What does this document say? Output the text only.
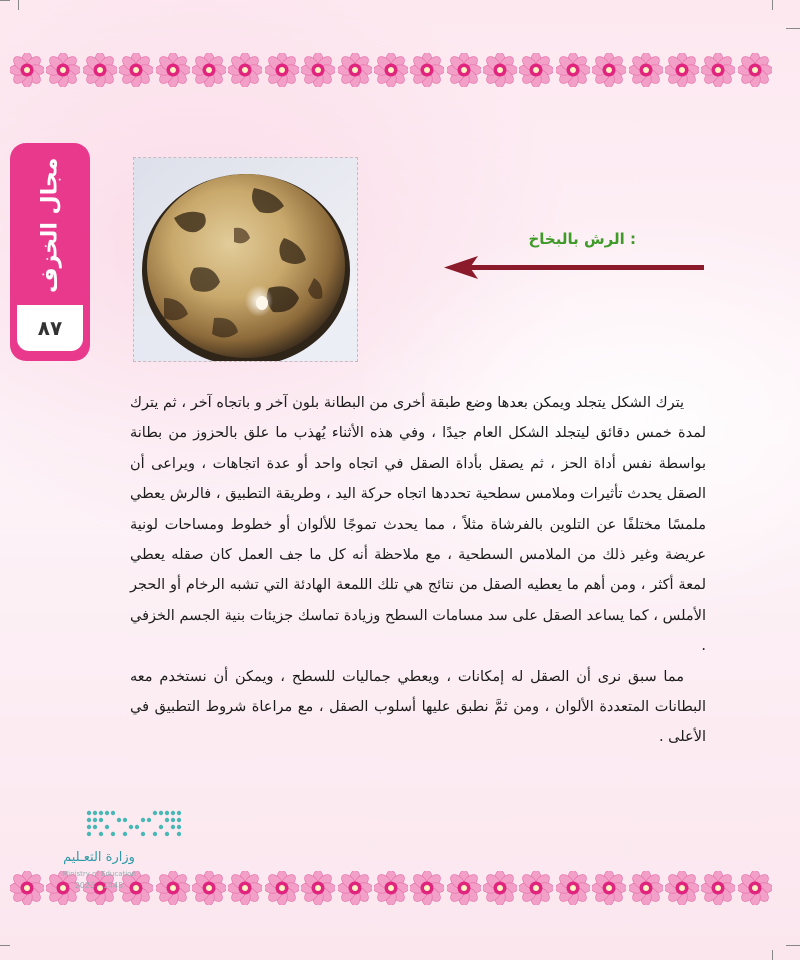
مجال الخزف
٨٧
الرش بالبخاخ :

يترك الشكل يتجلد ويمكن بعدها وضع طبقة أخرى من البطانة بلون آخر و باتجاه آخر ، ثم يترك لمدة خمس دقائق ليتجلد الشكل العام جيدًا ، وفي هذه الأثناء يُهذب ما علق بالحزوز من بطانة بواسطة نفس أداة الحز ، ثم يصقل بأداة الصقل في اتجاه واحد أو عدة اتجاهات ، ويراعى أن الصقل يحدث تأثيرات وملامس سطحية تحددها اتجاه حركة اليد ، وطريقة التطبيق ، فالرش يعطي ملمسًا مختلفًا عن التلوين بالفرشاة مثلاً ، مما يحدث تموجًا للألوان أو خطوط ومساحات لونية عريضة وغير ذلك من الملامس السطحية ، مع ملاحظة أنه كل ما جف العمل كان صقله يعطي لمعة أكثر ، ومن أهم ما يعطيه الصقل من نتائج هي تلك اللمعة الهادئة التي تشبه الرخام أو الحجر الأملس ، كما يساعد الصقل على سد مسامات السطح وزيادة تماسك جزيئات بنية الجسم الخزفي .

مما سبق نرى أن الصقل له إمكانات ، ويعطي جماليات للسطح ، ويمكن أن نستخدم معه البطانات المتعددة الألوان ، ومن ثمَّ نطبق عليها أسلوب الصقل ، مع مراعاة شروط التطبيق في الأعلى .

وزارة التعـليم
Ministry of Education
2023 - 1445
